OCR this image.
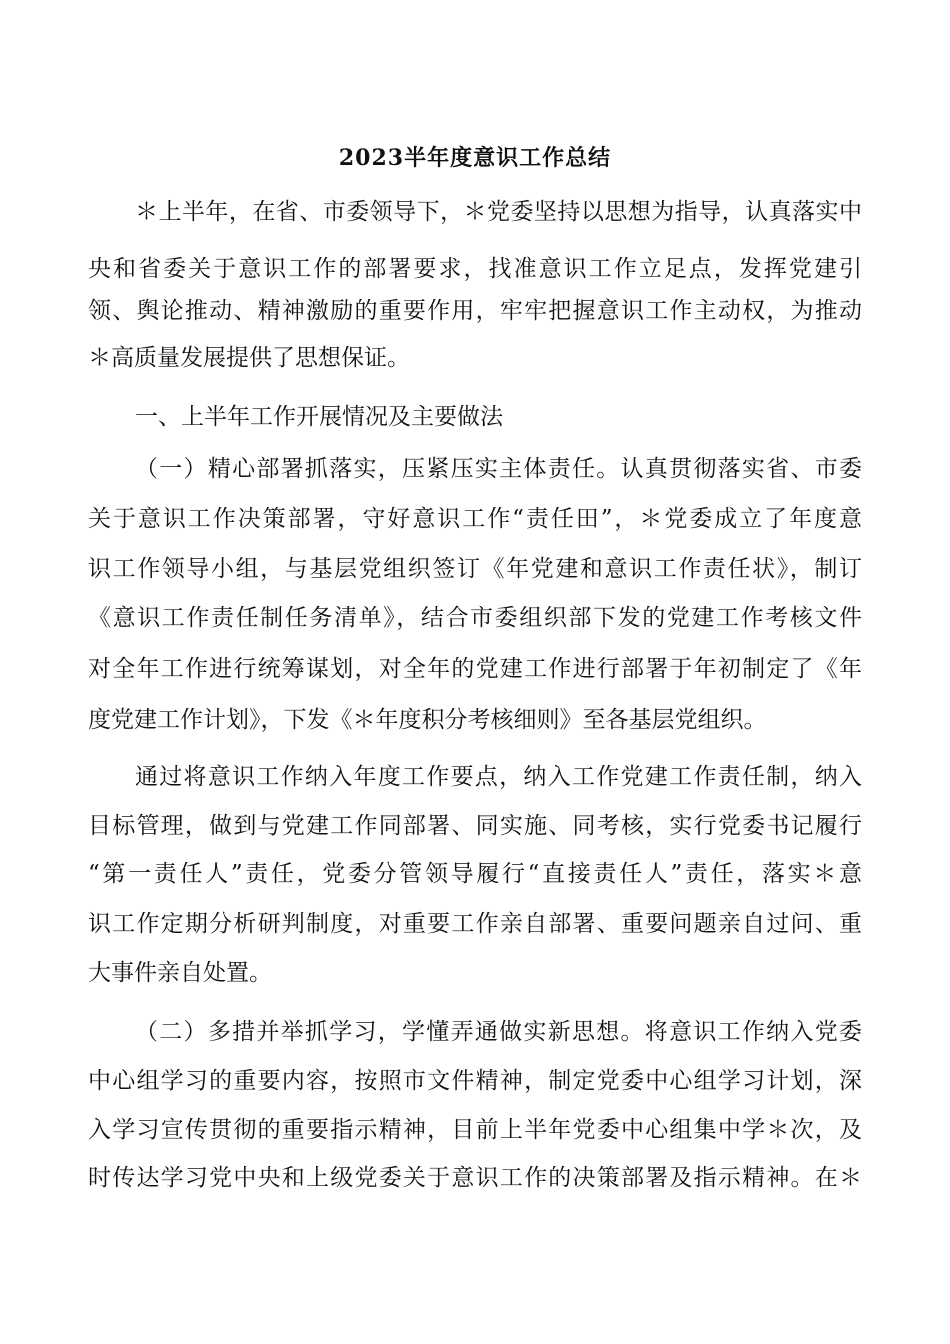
2023半年度意识工作总结
＊上半年，在省、市委领导下，＊党委坚持以思想为指导，认真落实中
央和省委关于意识工作的部署要求，找准意识工作立足点，发挥党建引
领、舆论推动、精神激励的重要作用，牢牢把握意识工作主动权，为推动
＊高质量发展提供了思想保证。
一、上半年工作开展情况及主要做法
（一）精心部署抓落实，压紧压实主体责任。认真贯彻落实省、市委
关于意识工作决策部署，守好意识工作“责任田”，＊党委成立了年度意
识工作领导小组，与基层党组织签订《年党建和意识工作责任状》，制订
《意识工作责任制任务清单》，结合市委组织部下发的党建工作考核文件
对全年工作进行统筹谋划，对全年的党建工作进行部署于年初制定了《年
度党建工作计划》，下发《＊年度积分考核细则》至各基层党组织。
通过将意识工作纳入年度工作要点，纳入工作党建工作责任制，纳入
目标管理，做到与党建工作同部署、同实施、同考核，实行党委书记履行
“第一责任人”责任，党委分管领导履行“直接责任人”责任，落实＊意
识工作定期分析研判制度，对重要工作亲自部署、重要问题亲自过问、重
大事件亲自处置。
（二）多措并举抓学习，学懂弄通做实新思想。将意识工作纳入党委
中心组学习的重要内容，按照市文件精神，制定党委中心组学习计划，深
入学习宣传贯彻的重要指示精神，目前上半年党委中心组集中学＊次，及
时传达学习党中央和上级党委关于意识工作的决策部署及指示精神。在＊
